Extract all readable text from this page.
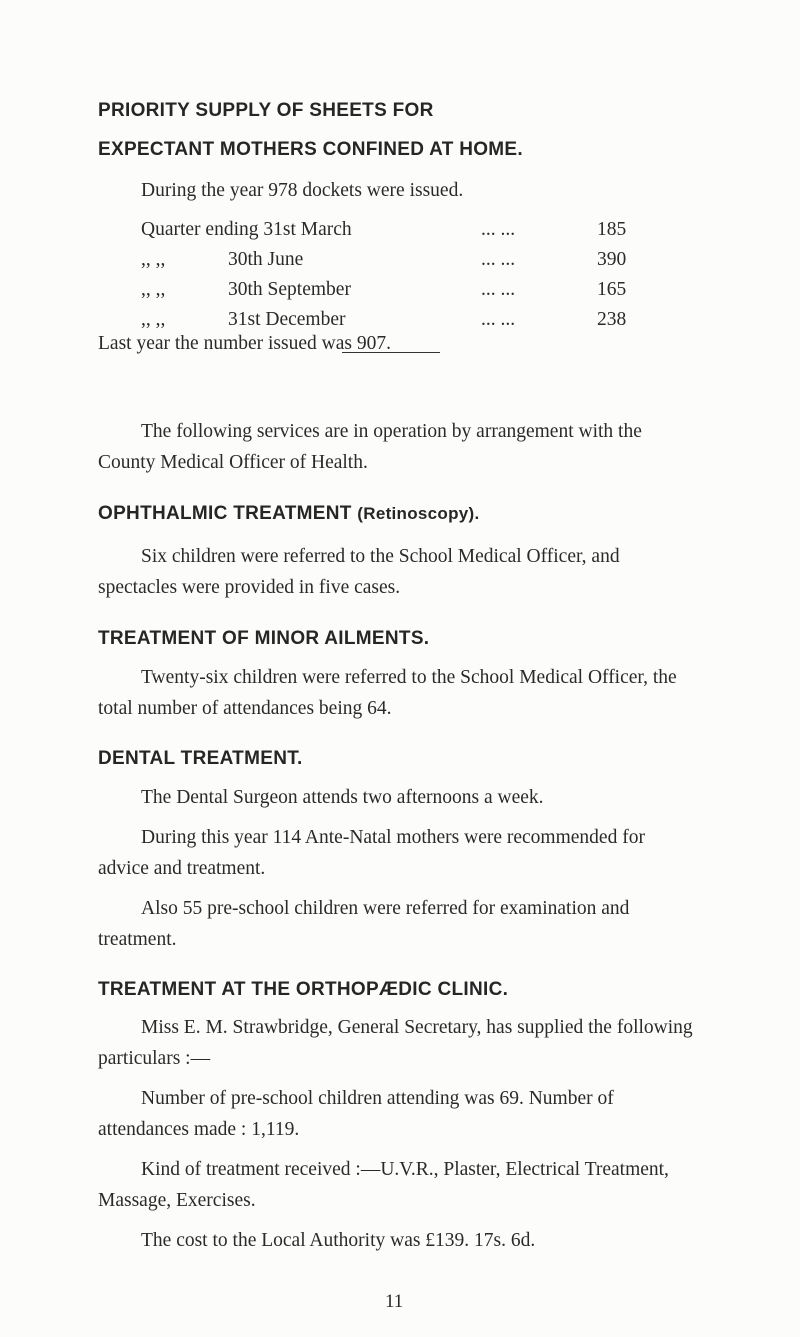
PRIORITY SUPPLY OF SHEETS FOR
EXPECTANT MOTHERS CONFINED AT HOME.
During the year 978 dockets were issued.
Quarter ending 31st March	... ...	185
,, ,,	30th June	... ...	390
,, ,,	30th September	... ...	165
,, ,,	31st December	... ...	238
Last year the number issued was 907.
The following services are in operation by arrangement with the County Medical Officer of Health.
OPHTHALMIC TREATMENT (Retinoscopy).
Six children were referred to the School Medical Officer, and spectacles were provided in five cases.
TREATMENT OF MINOR AILMENTS.
Twenty-six children were referred to the School Medical Officer, the total number of attendances being 64.
DENTAL TREATMENT.
The Dental Surgeon attends two afternoons a week.
During this year 114 Ante-Natal mothers were recommended for advice and treatment.
Also 55 pre-school children were referred for examination and treatment.
TREATMENT AT THE ORTHOPÆDIC CLINIC.
Miss E. M. Strawbridge, General Secretary, has supplied the following particulars :—
Number of pre-school children attending was 69. Number of attendances made : 1,119.
Kind of treatment received :—U.V.R., Plaster, Electrical Treatment, Massage, Exercises.
The cost to the Local Authority was £139. 17s. 6d.
11
